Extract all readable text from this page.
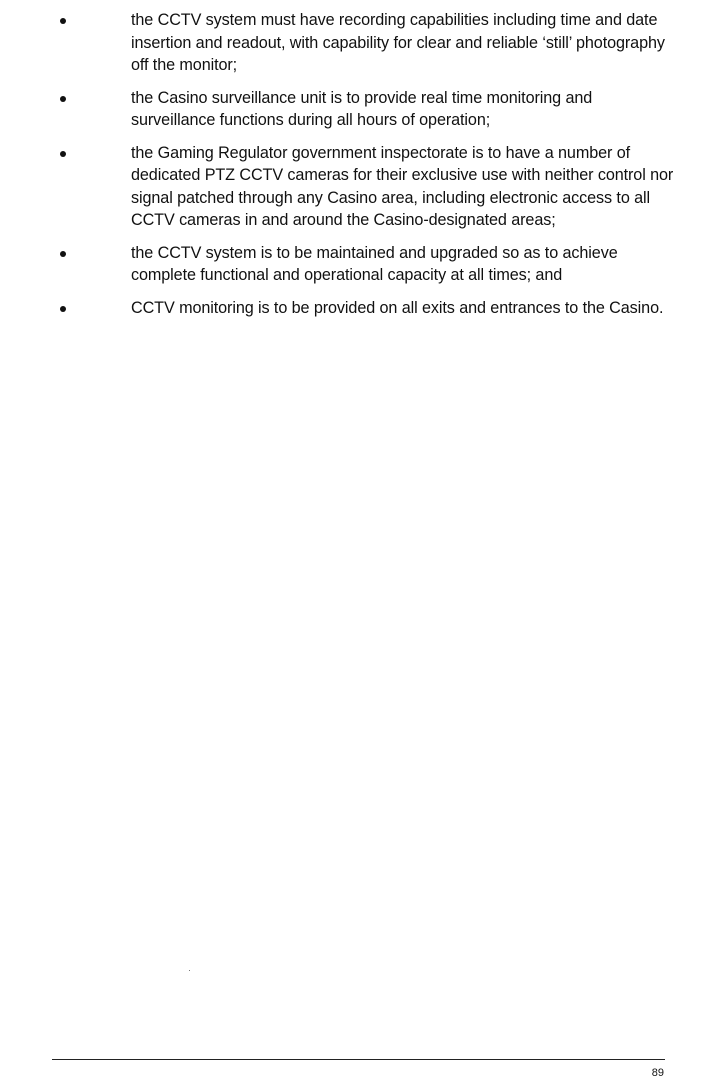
the CCTV system must have recording capabilities including time and date insertion and readout, with capability for clear and reliable ‘still’ photography off the monitor;
the Casino surveillance unit is to provide real time monitoring and surveillance functions during all hours of operation;
the Gaming Regulator government inspectorate is to have a number of dedicated PTZ CCTV cameras for their exclusive use with neither control nor signal patched through any Casino area, including electronic access to all CCTV cameras in and around the Casino-designated areas;
the CCTV system is to be maintained and upgraded so as to achieve complete functional and operational capacity at all times; and
CCTV monitoring is to be provided on all exits and entrances to the Casino.
89
